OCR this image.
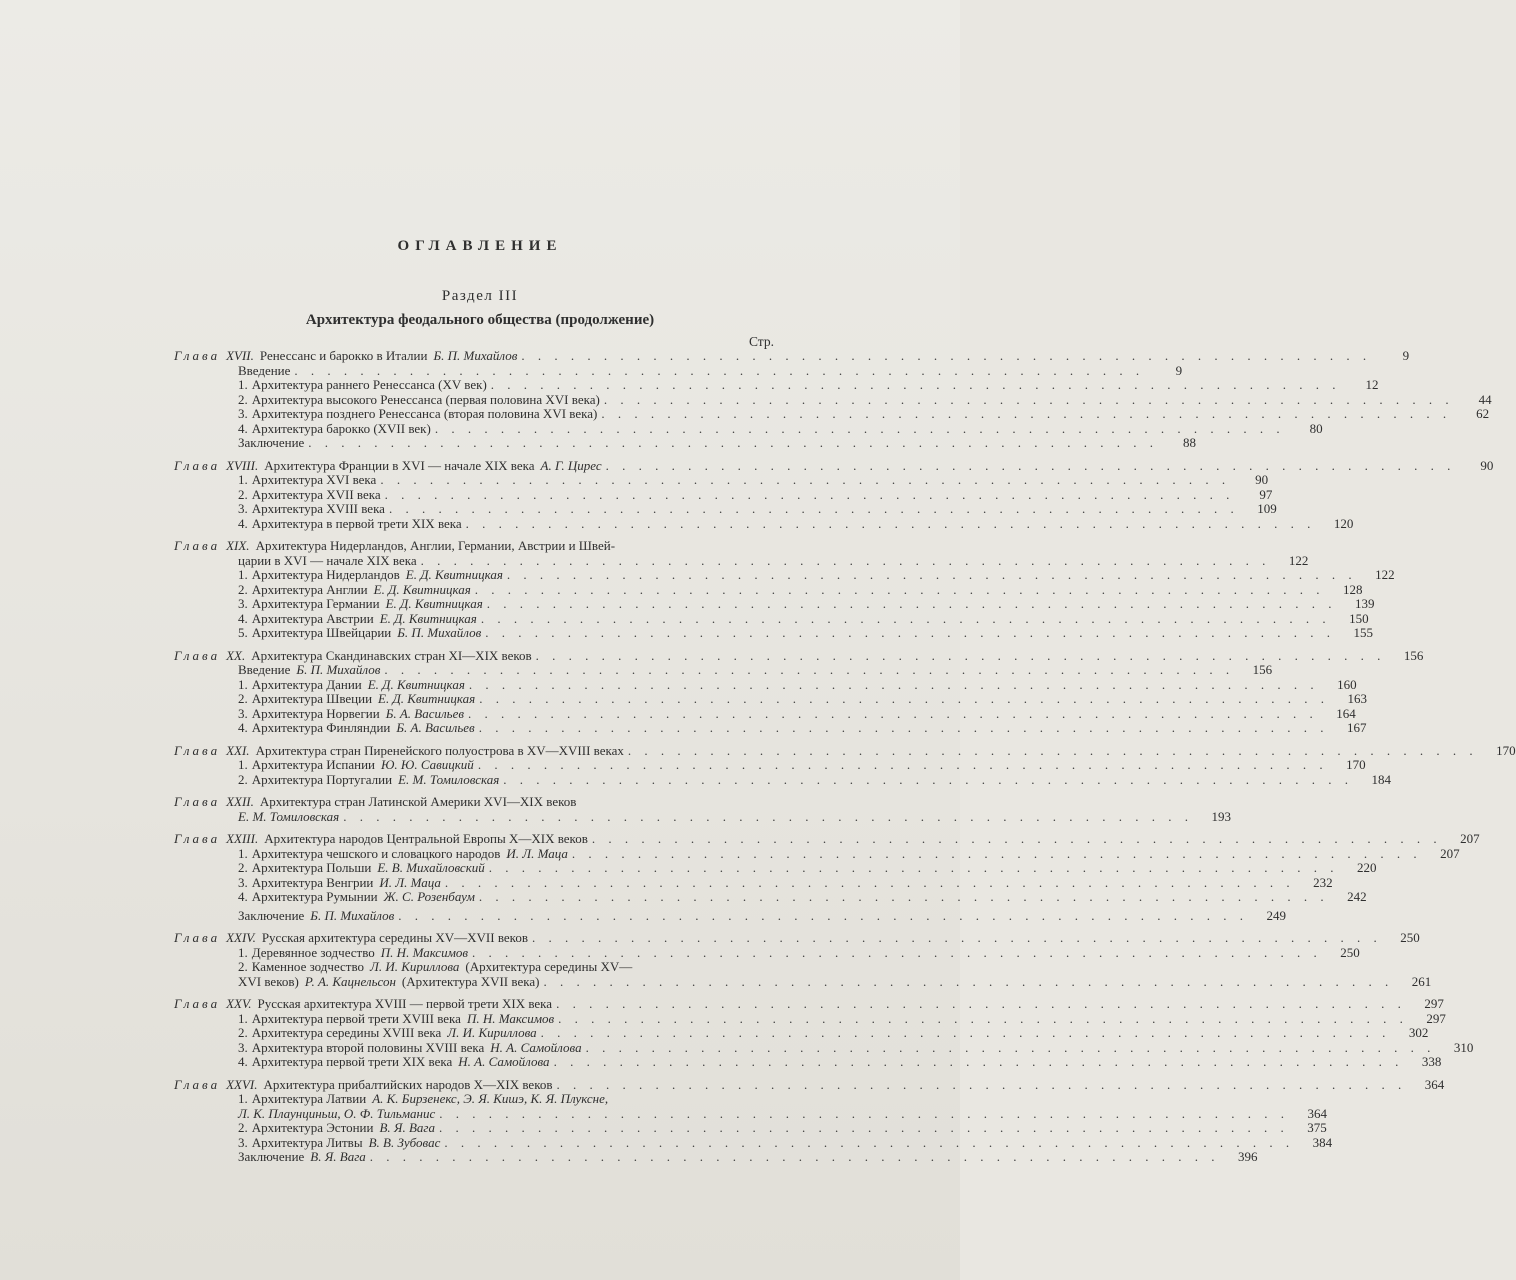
ОГЛАВЛЕНИЕ
Раздел III
Архитектура феодального общества (продолжение)
Стр.
Глава XVII. Ренессанс и барокко в Италии Б. П. Михайлов . . . . . . . . . . . . . . . . . . . . . . . . . . . . . . . . . . . . . . . . . . . . . . . . . . . .	9
Введение . . . . . . . . . . . . . . . . . . . . . . . . . . . . . . . . . . . . . . . . . . . . . . . . . . . .	9
1. Архитектура раннего Ренессанса (XV век) . . . . . . . . . . . . . . . . . . . . . . . . . . . . . . . . . . . . . . . . . . . . . . . . . . . .	12
2. Архитектура высокого Ренессанса (первая половина XVI века) . . . . . . . . . . . . . . . . . . . . . . . . . . . . . . . . . . . . . . . . . . . . . . . . . . . .	44
3. Архитектура позднего Ренессанса (вторая половина XVI века) . . . . . . . . . . . . . . . . . . . . . . . . . . . . . . . . . . . . . . . . . . . . . . . . . . . .	62
4. Архитектура барокко (XVII век) . . . . . . . . . . . . . . . . . . . . . . . . . . . . . . . . . . . . . . . . . . . . . . . . . . . .	80
Заключение . . . . . . . . . . . . . . . . . . . . . . . . . . . . . . . . . . . . . . . . . . . . . . . . . . . .	88
Глава XVIII. Архитектура Франции в XVI — начале XIX века А. Г. Цирес . . . . . . . . . . . . . . . . . . . . . . . . . . . . . . . . . . . . . . . . . . . . . . . . . . . .	90
1. Архитектура XVI века . . . . . . . . . . . . . . . . . . . . . . . . . . . . . . . . . . . . . . . . . . . . . . . . . . . .	90
2. Архитектура XVII века . . . . . . . . . . . . . . . . . . . . . . . . . . . . . . . . . . . . . . . . . . . . . . . . . . . .	97
3. Архитектура XVIII века . . . . . . . . . . . . . . . . . . . . . . . . . . . . . . . . . . . . . . . . . . . . . . . . . . . .	109
4. Архитектура в первой трети XIX века . . . . . . . . . . . . . . . . . . . . . . . . . . . . . . . . . . . . . . . . . . . . . . . . . . . .	120
Глава XIX. Архитектура Нидерландов, Англии, Германии, Австрии и Швей-
царии в XVI — начале XIX века . . . . . . . . . . . . . . . . . . . . . . . . . . . . . . . . . . . . . . . . . . . . . . . . . . . .	122
1. Архитектура Нидерландов Е. Д. Квитницкая . . . . . . . . . . . . . . . . . . . . . . . . . . . . . . . . . . . . . . . . . . . . . . . . . . . .	122
2. Архитектура Англии Е. Д. Квитницкая . . . . . . . . . . . . . . . . . . . . . . . . . . . . . . . . . . . . . . . . . . . . . . . . . . . .	128
3. Архитектура Германии Е. Д. Квитницкая . . . . . . . . . . . . . . . . . . . . . . . . . . . . . . . . . . . . . . . . . . . . . . . . . . . .	139
4. Архитектура Австрии Е. Д. Квитницкая . . . . . . . . . . . . . . . . . . . . . . . . . . . . . . . . . . . . . . . . . . . . . . . . . . . .	150
5. Архитектура Швейцарии Б. П. Михайлов . . . . . . . . . . . . . . . . . . . . . . . . . . . . . . . . . . . . . . . . . . . . . . . . . . . .	155
Глава XX. Архитектура Скандинавских стран XI—XIX веков . . . . . . . . . . . . . . . . . . . . . . . . . . . . . . . . . . . . . . . . . . . . . . . . . . . .	156
Введение Б. П. Михайлов . . . . . . . . . . . . . . . . . . . . . . . . . . . . . . . . . . . . . . . . . . . . . . . . . . . .	156
1. Архитектура Дании Е. Д. Квитницкая . . . . . . . . . . . . . . . . . . . . . . . . . . . . . . . . . . . . . . . . . . . . . . . . . . . .	160
2. Архитектура Швеции Е. Д. Квитницкая . . . . . . . . . . . . . . . . . . . . . . . . . . . . . . . . . . . . . . . . . . . . . . . . . . . .	163
3. Архитектура Норвегии Б. А. Васильев . . . . . . . . . . . . . . . . . . . . . . . . . . . . . . . . . . . . . . . . . . . . . . . . . . . .	164
4. Архитектура Финляндии Б. А. Васильев . . . . . . . . . . . . . . . . . . . . . . . . . . . . . . . . . . . . . . . . . . . . . . . . . . . .	167
Глава XXI. Архитектура стран Пиренейского полуострова в XV—XVIII веках . . . . . . . . . . . . . . . . . . . . . . . . . . . . . . . . . . . . . . . . . . . . . . . . . . . .	170
1. Архитектура Испании Ю. Ю. Савицкий . . . . . . . . . . . . . . . . . . . . . . . . . . . . . . . . . . . . . . . . . . . . . . . . . . . .	170
2. Архитектура Португалии Е. М. Томиловская . . . . . . . . . . . . . . . . . . . . . . . . . . . . . . . . . . . . . . . . . . . . . . . . . . . .	184
Глава XXII. Архитектура стран Латинской Америки XVI—XIX веков
Е. М. Томиловская . . . . . . . . . . . . . . . . . . . . . . . . . . . . . . . . . . . . . . . . . . . . . . . . . . . .	193
Глава XXIII. Архитектура народов Центральной Европы X—XIX веков . . . . . . . . . . . . . . . . . . . . . . . . . . . . . . . . . . . . . . . . . . . . . . . . . . . .	207
1. Архитектура чешского и словацкого народов И. Л. Маца . . . . . . . . . . . . . . . . . . . . . . . . . . . . . . . . . . . . . . . . . . . . . . . . . . . .	207
2. Архитектура Польши Е. В. Михайловский . . . . . . . . . . . . . . . . . . . . . . . . . . . . . . . . . . . . . . . . . . . . . . . . . . . .	220
3. Архитектура Венгрии И. Л. Маца . . . . . . . . . . . . . . . . . . . . . . . . . . . . . . . . . . . . . . . . . . . . . . . . . . . .	232
4. Архитектура Румынии Ж. С. Розенбаум . . . . . . . . . . . . . . . . . . . . . . . . . . . . . . . . . . . . . . . . . . . . . . . . . . . .	242
Заключение Б. П. Михайлов . . . . . . . . . . . . . . . . . . . . . . . . . . . . . . . . . . . . . . . . . . . . . . . . . . . .	249
Глава XXIV. Русская архитектура середины XV—XVII веков . . . . . . . . . . . . . . . . . . . . . . . . . . . . . . . . . . . . . . . . . . . . . . . . . . . .	250
1. Деревянное зодчество П. Н. Максимов . . . . . . . . . . . . . . . . . . . . . . . . . . . . . . . . . . . . . . . . . . . . . . . . . . . .	250
2. Каменное зодчество Л. И. Кириллова (Архитектура середины XV—
XVI веков) Р. А. Кацнельсон (Архитектура XVII века) . . . . . . . . . . . . . . . . . . . . . . . . . . . . . . . . . . . . . . . . . . . . . . . . . . . .	261
Глава XXV. Русская архитектура XVIII — первой трети XIX века . . . . . . . . . . . . . . . . . . . . . . . . . . . . . . . . . . . . . . . . . . . . . . . . . . . .	297
1. Архитектура первой трети XVIII века П. Н. Максимов . . . . . . . . . . . . . . . . . . . . . . . . . . . . . . . . . . . . . . . . . . . . . . . . . . . .	297
2. Архитектура середины XVIII века Л. И. Кириллова . . . . . . . . . . . . . . . . . . . . . . . . . . . . . . . . . . . . . . . . . . . . . . . . . . . .	302
3. Архитектура второй половины XVIII века Н. А. Самойлова . . . . . . . . . . . . . . . . . . . . . . . . . . . . . . . . . . . . . . . . . . . . . . . . . . . .	310
4. Архитектура первой трети XIX века Н. А. Самойлова . . . . . . . . . . . . . . . . . . . . . . . . . . . . . . . . . . . . . . . . . . . . . . . . . . . .	338
Глава XXVI. Архитектура прибалтийских народов X—XIX веков . . . . . . . . . . . . . . . . . . . . . . . . . . . . . . . . . . . . . . . . . . . . . . . . . . . .	364
1. Архитектура Латвии А. К. Бирзенекс, Э. Я. Кишэ, К. Я. Плуксне,
Л. К. Плаунциньш, О. Ф. Тильманис . . . . . . . . . . . . . . . . . . . . . . . . . . . . . . . . . . . . . . . . . . . . . . . . . . . .	364
2. Архитектура Эстонии В. Я. Вага . . . . . . . . . . . . . . . . . . . . . . . . . . . . . . . . . . . . . . . . . . . . . . . . . . . .	375
3. Архитектура Литвы В. В. Зубовас . . . . . . . . . . . . . . . . . . . . . . . . . . . . . . . . . . . . . . . . . . . . . . . . . . . .	384
Заключение В. Я. Вага . . . . . . . . . . . . . . . . . . . . . . . . . . . . . . . . . . . . . . . . . . . . . . . . . . . .	396
